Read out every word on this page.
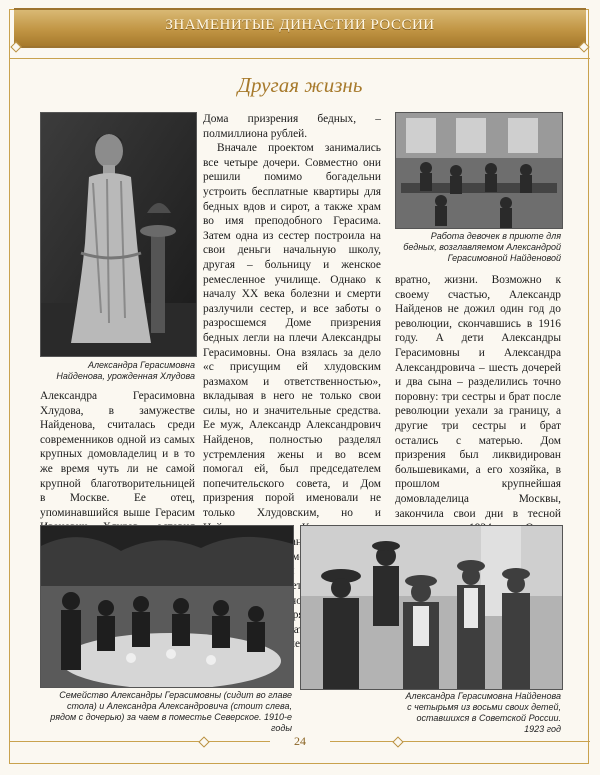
ЗНАМЕНИТЫЕ ДИНАСТИИ РОССИИ
Другая жизнь
Александра Герасимовна Найденова, урожденная Хлудова
Работа девочек в приюте для бедных, возглавляемом Александрой Герасимовной Найденовой

Александра Герасимовна Хлудова, в замужестве Найденова, считалась среди современников одной из самых крупных домовладелиц и в то же время чуть ли не самой крупной благотворительницей в Москве. Ее отец, упоминавшийся выше Герасим

Дома призрения бедных, – полмиллиона рублей.

Вначале проектом занимались все четыре дочери. Совместно они решили помимо богадельни устроить бесплатные квартиры для бедных вдов и сирот, а также храм во имя преподобного Герасима. Затем одна из сестер построила на свои деньги начальную школу, другая – больницу и женское ремесленное училище. Однако к началу XX века болезни и смерти разлучили сестер, и все заботы о разросшемся Доме призрения бедных легли на плечи Александры Герасимовны. Она взялась за дело «с присущим ей хлудовским размахом и ответственностью», вкладывая в него не только свои силы, но и значительные средства. Ее муж, Александр Александрович Найденов, полностью разделял устремления жены и во всем помогал ей, был председателем попечительского совета, и Дом призрения порой именовали не только Хлудовским, но и Александрович временам фотолетопись рассматривать

вратно, жизни. Возможно к своему счастью, Александр Найденов не дожил один год до революции, скончавшись в 1916 году. А дети Александры Герасимовны и Александра Александровича – шесть дочерей и два сына – разделились точно поровну: три сестры и брат после революции уехали за границу, а другие три сестры и брат остались с матерью. Дом призрения был ликвидирован большевиками, а его хозяйка, в прошлом крупнейшая домовладелица Москвы, закончила свои дни в тесной

Семейство Александры Герасимовны (сидит во главе стола) и Александра Александровича (стоит слева, рядом с дочерью) за чаем в поместье Северское. 1910-е годы
Александра Герасимовна Найденова с четырьмя из восьми своих детей, оставшихся в Советской России. 1923 год
24
